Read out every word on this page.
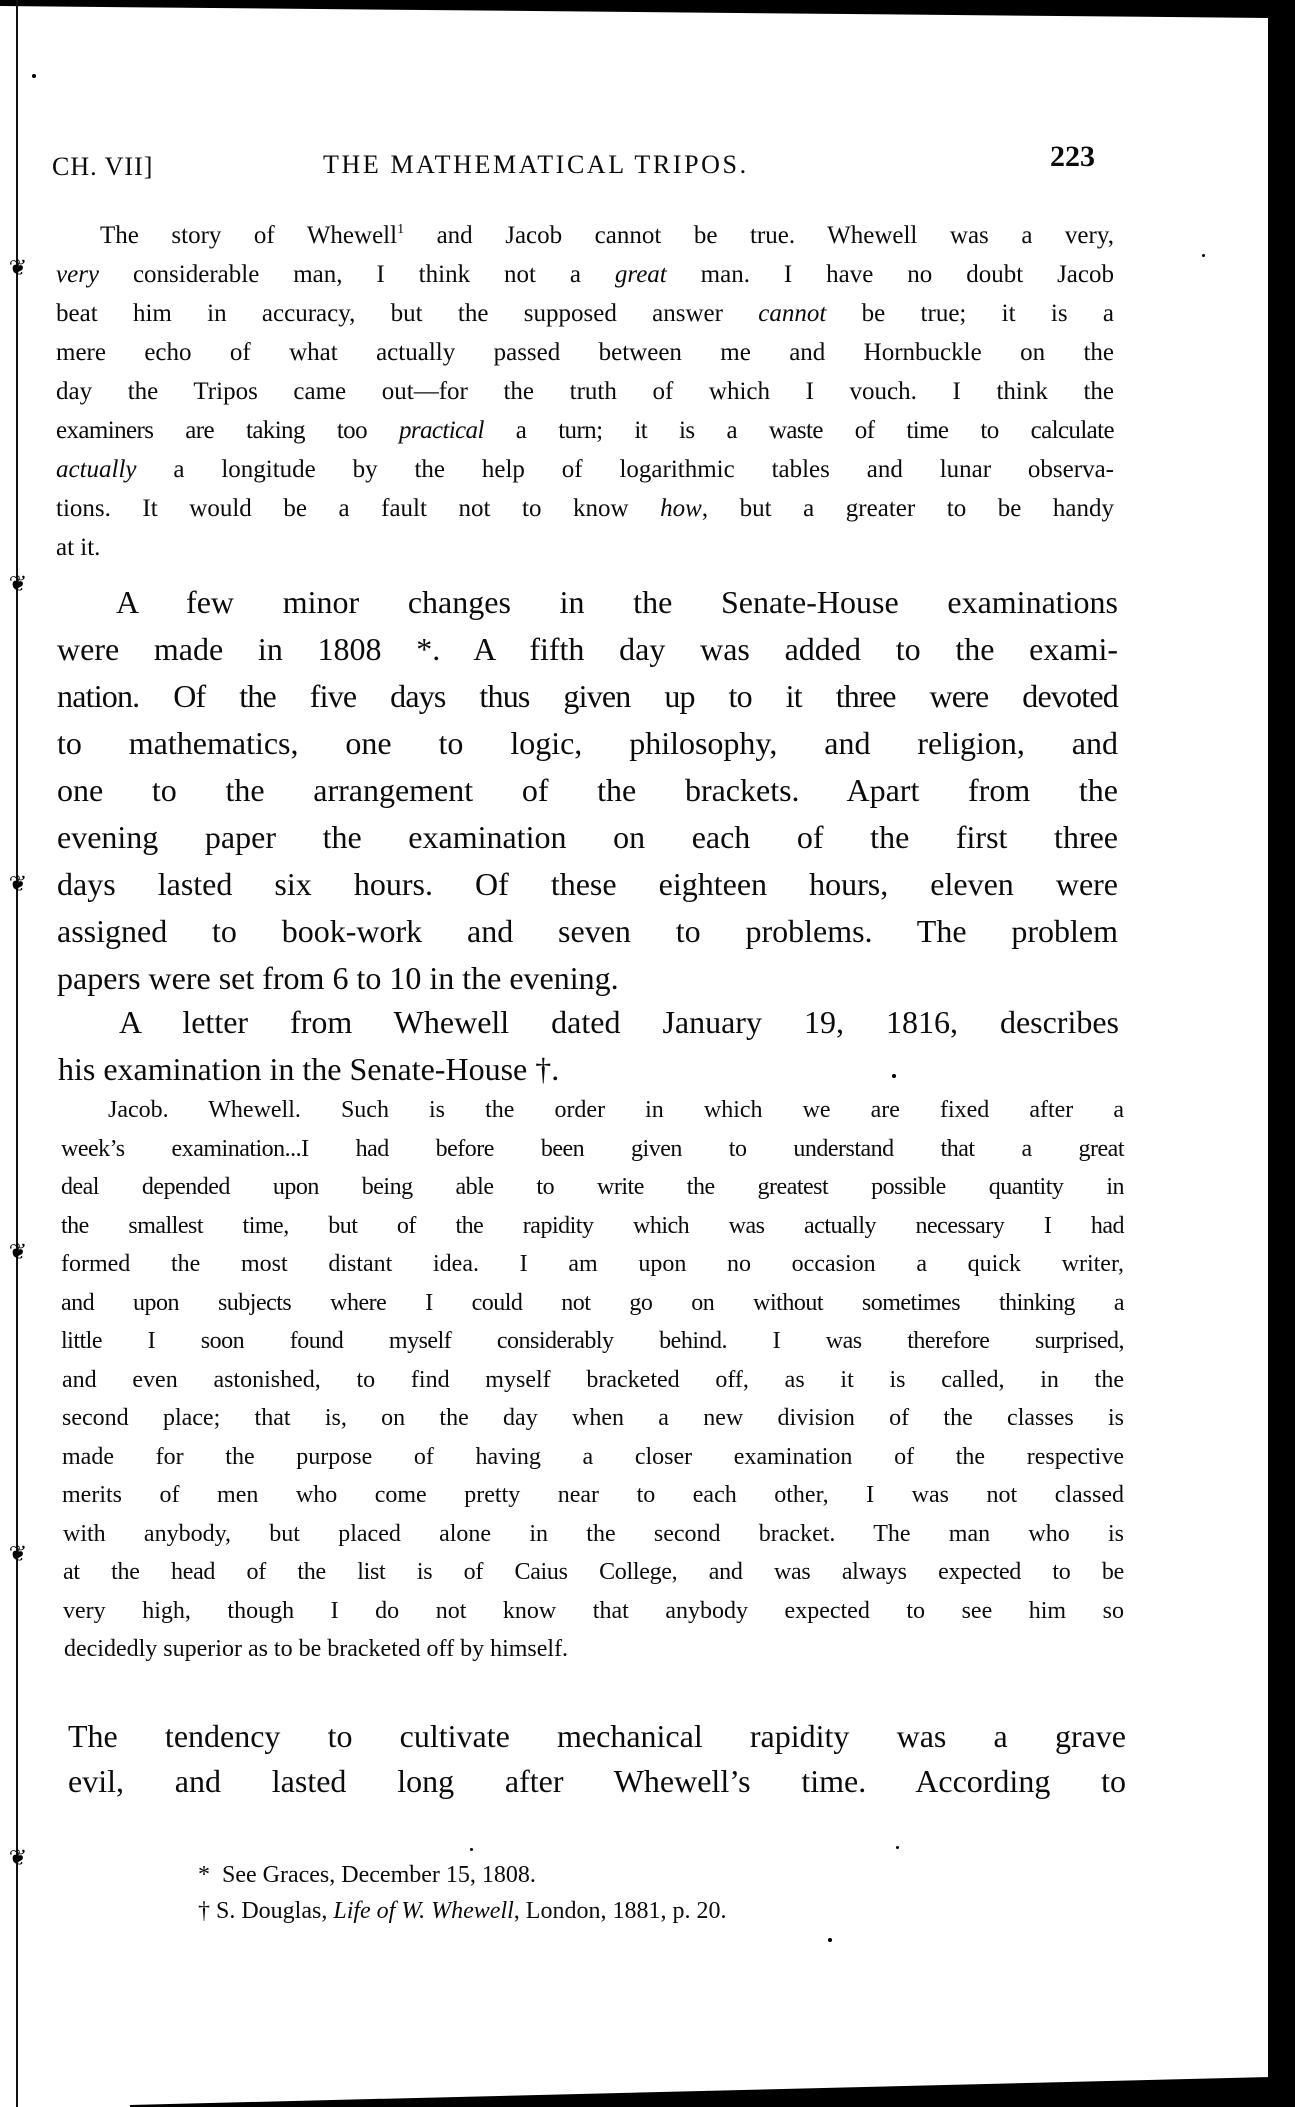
❦
❦
❦
❦
❦
❦
CH. VII]	THE MATHEMATICAL TRIPOS.	223
The story of Whewell$^1$ and Jacob cannot be true. Whewell was a very,
very considerable man, I think not a great man. I have no doubt Jacob
beat him in accuracy, but the supposed answer cannot be true; it is a
mere echo of what actually passed between me and Hornbuckle on the
day the Tripos came out—for the truth of which I vouch. I think the
examiners are taking too practical a turn; it is a waste of time to calculate
actually a longitude by the help of logarithmic tables and lunar observa-
tions. It would be a fault not to know how, but a greater to be handy
at it.
A few minor changes in the Senate-House examinations
were made in 1808 *. A fifth day was added to the exami-
nation. Of the five days thus given up to it three were devoted
to mathematics, one to logic, philosophy, and religion, and
one to the arrangement of the brackets. Apart from the
evening paper the examination on each of the first three
days lasted six hours. Of these eighteen hours, eleven were
assigned to book-work and seven to problems. The problem
papers were set from 6 to 10 in the evening.
A letter from Whewell dated January 19, 1816, describes
his examination in the Senate-House †.
Jacob. Whewell. Such is the order in which we are fixed after a
week’s examination...I had before been given to understand that a great
deal depended upon being able to write the greatest possible quantity in
the smallest time, but of the rapidity which was actually necessary I had
formed the most distant idea. I am upon no occasion a quick writer,
and upon subjects where I could not go on without sometimes thinking a
little I soon found myself considerably behind. I was therefore surprised,
and even astonished, to find myself bracketed off, as it is called, in the
second place; that is, on the day when a new division of the classes is
made for the purpose of having a closer examination of the respective
merits of men who come pretty near to each other, I was not classed
with anybody, but placed alone in the second bracket. The man who is
at the head of the list is of Caius College, and was always expected to be
very high, though I do not know that anybody expected to see him so
decidedly superior as to be bracketed off by himself.
The tendency to cultivate mechanical rapidity was a grave
evil, and lasted long after Whewell’s time. According to
* See Graces, December 15, 1808.
† S. Douglas, Life of W. Whewell, London, 1881, p. 20.
